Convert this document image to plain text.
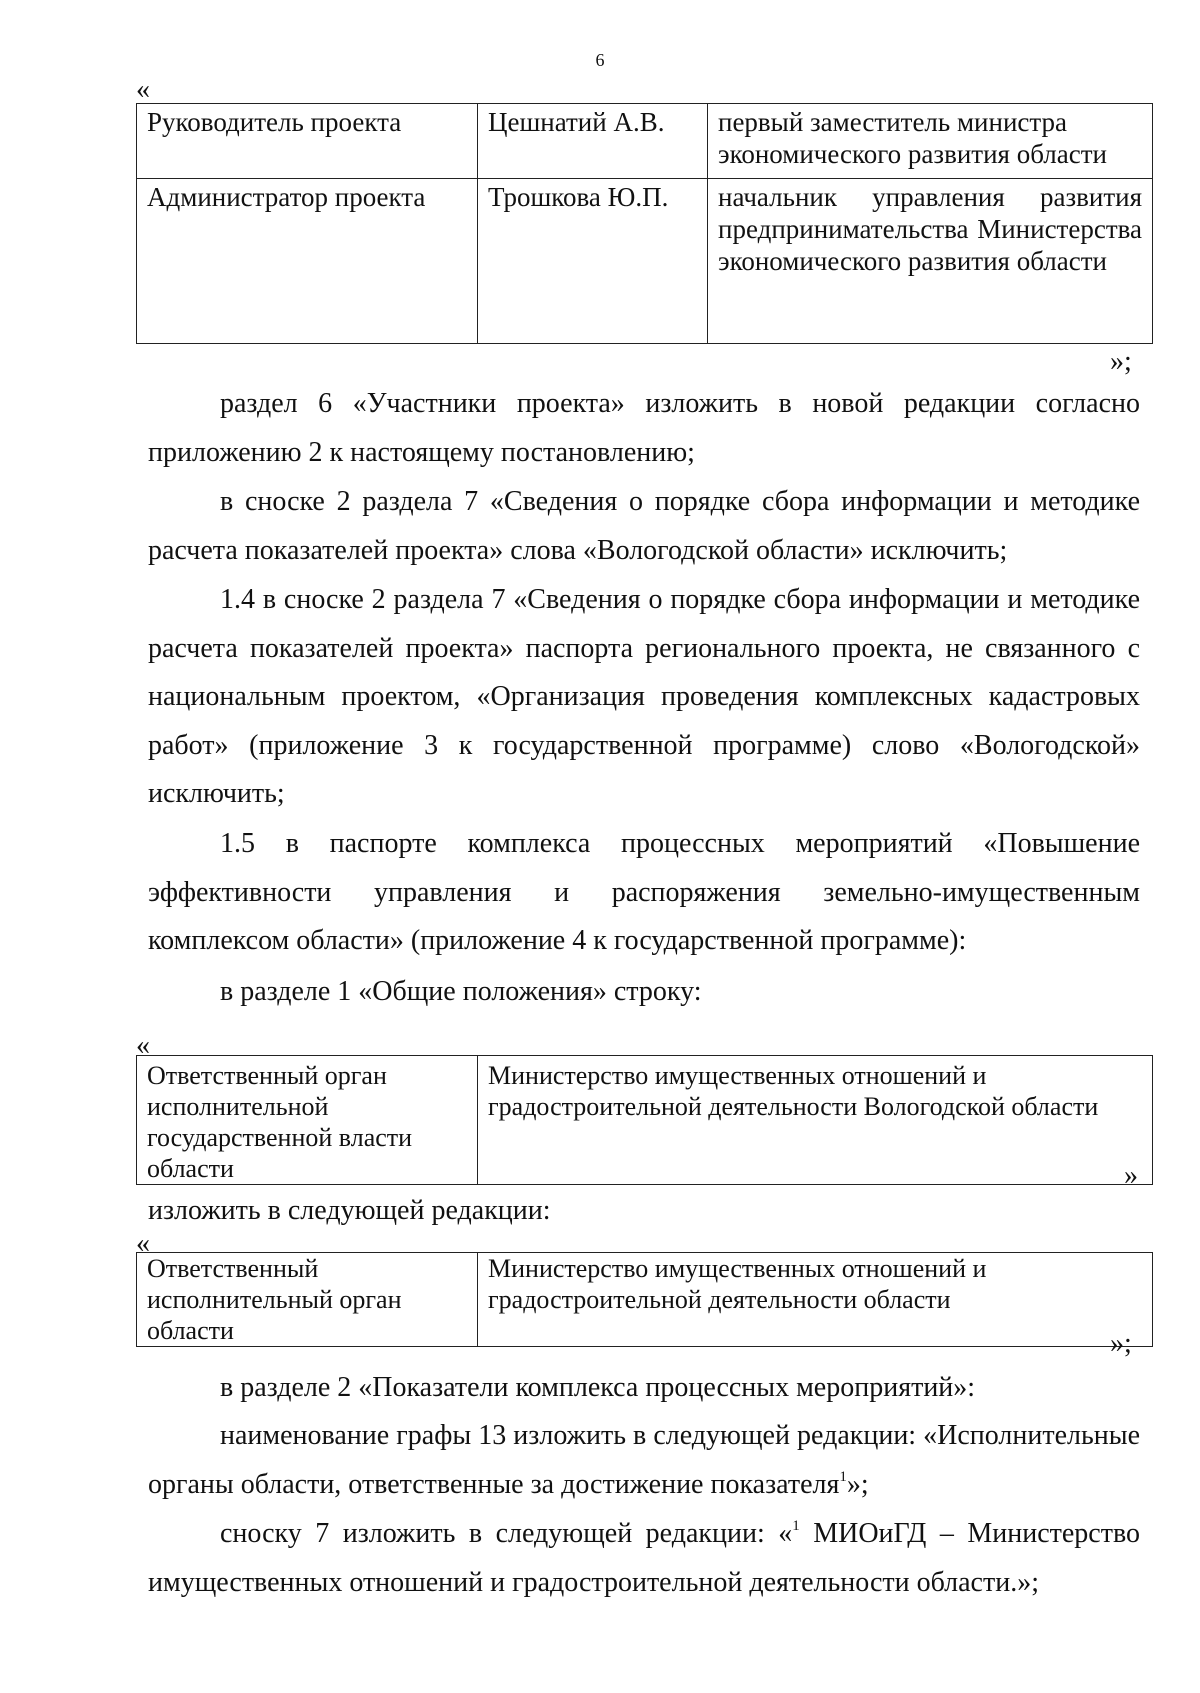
6
«
Руководитель проекта	Цешнатий А.В.	первый заместитель министра экономического развития области
Администратор проекта	Трошкова Ю.П.	начальник управления развития предпринимательства Министерства экономического развития области
»;
раздел 6 «Участники проекта» изложить в новой редакции согласно приложению 2 к настоящему постановлению;
в сноске 2 раздела 7 «Сведения о порядке сбора информации и методике расчета показателей проекта» слова «Вологодской области» исключить;
1.4 в сноске 2 раздела 7 «Сведения о порядке сбора информации и методике расчета показателей проекта» паспорта регионального проекта, не связанного с национальным проектом, «Организация проведения комплексных кадастровых работ» (приложение 3 к государственной программе) слово «Вологодской» исключить;
1.5 в паспорте комплекса процессных мероприятий «Повышение эффективности управления и распоряжения земельно-имущественным комплексом области» (приложение 4 к государственной программе):
в разделе 1 «Общие положения» строку:
«
Ответственный орган исполнительной государственной власти области	Министерство имущественных отношений и градостроительной деятельности Вологодской области
»
изложить в следующей редакции:
«
Ответственный исполнительный орган области	Министерство имущественных отношений и градостроительной деятельности области
»;
в разделе 2 «Показатели комплекса процессных мероприятий»:
наименование графы 13 изложить в следующей редакции: «Исполнительные органы области, ответственные за достижение показателя$^1$»;
сноску 7 изложить в следующей редакции: «$^1$ МИОиГД – Министерство имущественных отношений и градостроительной деятельности области.»;
